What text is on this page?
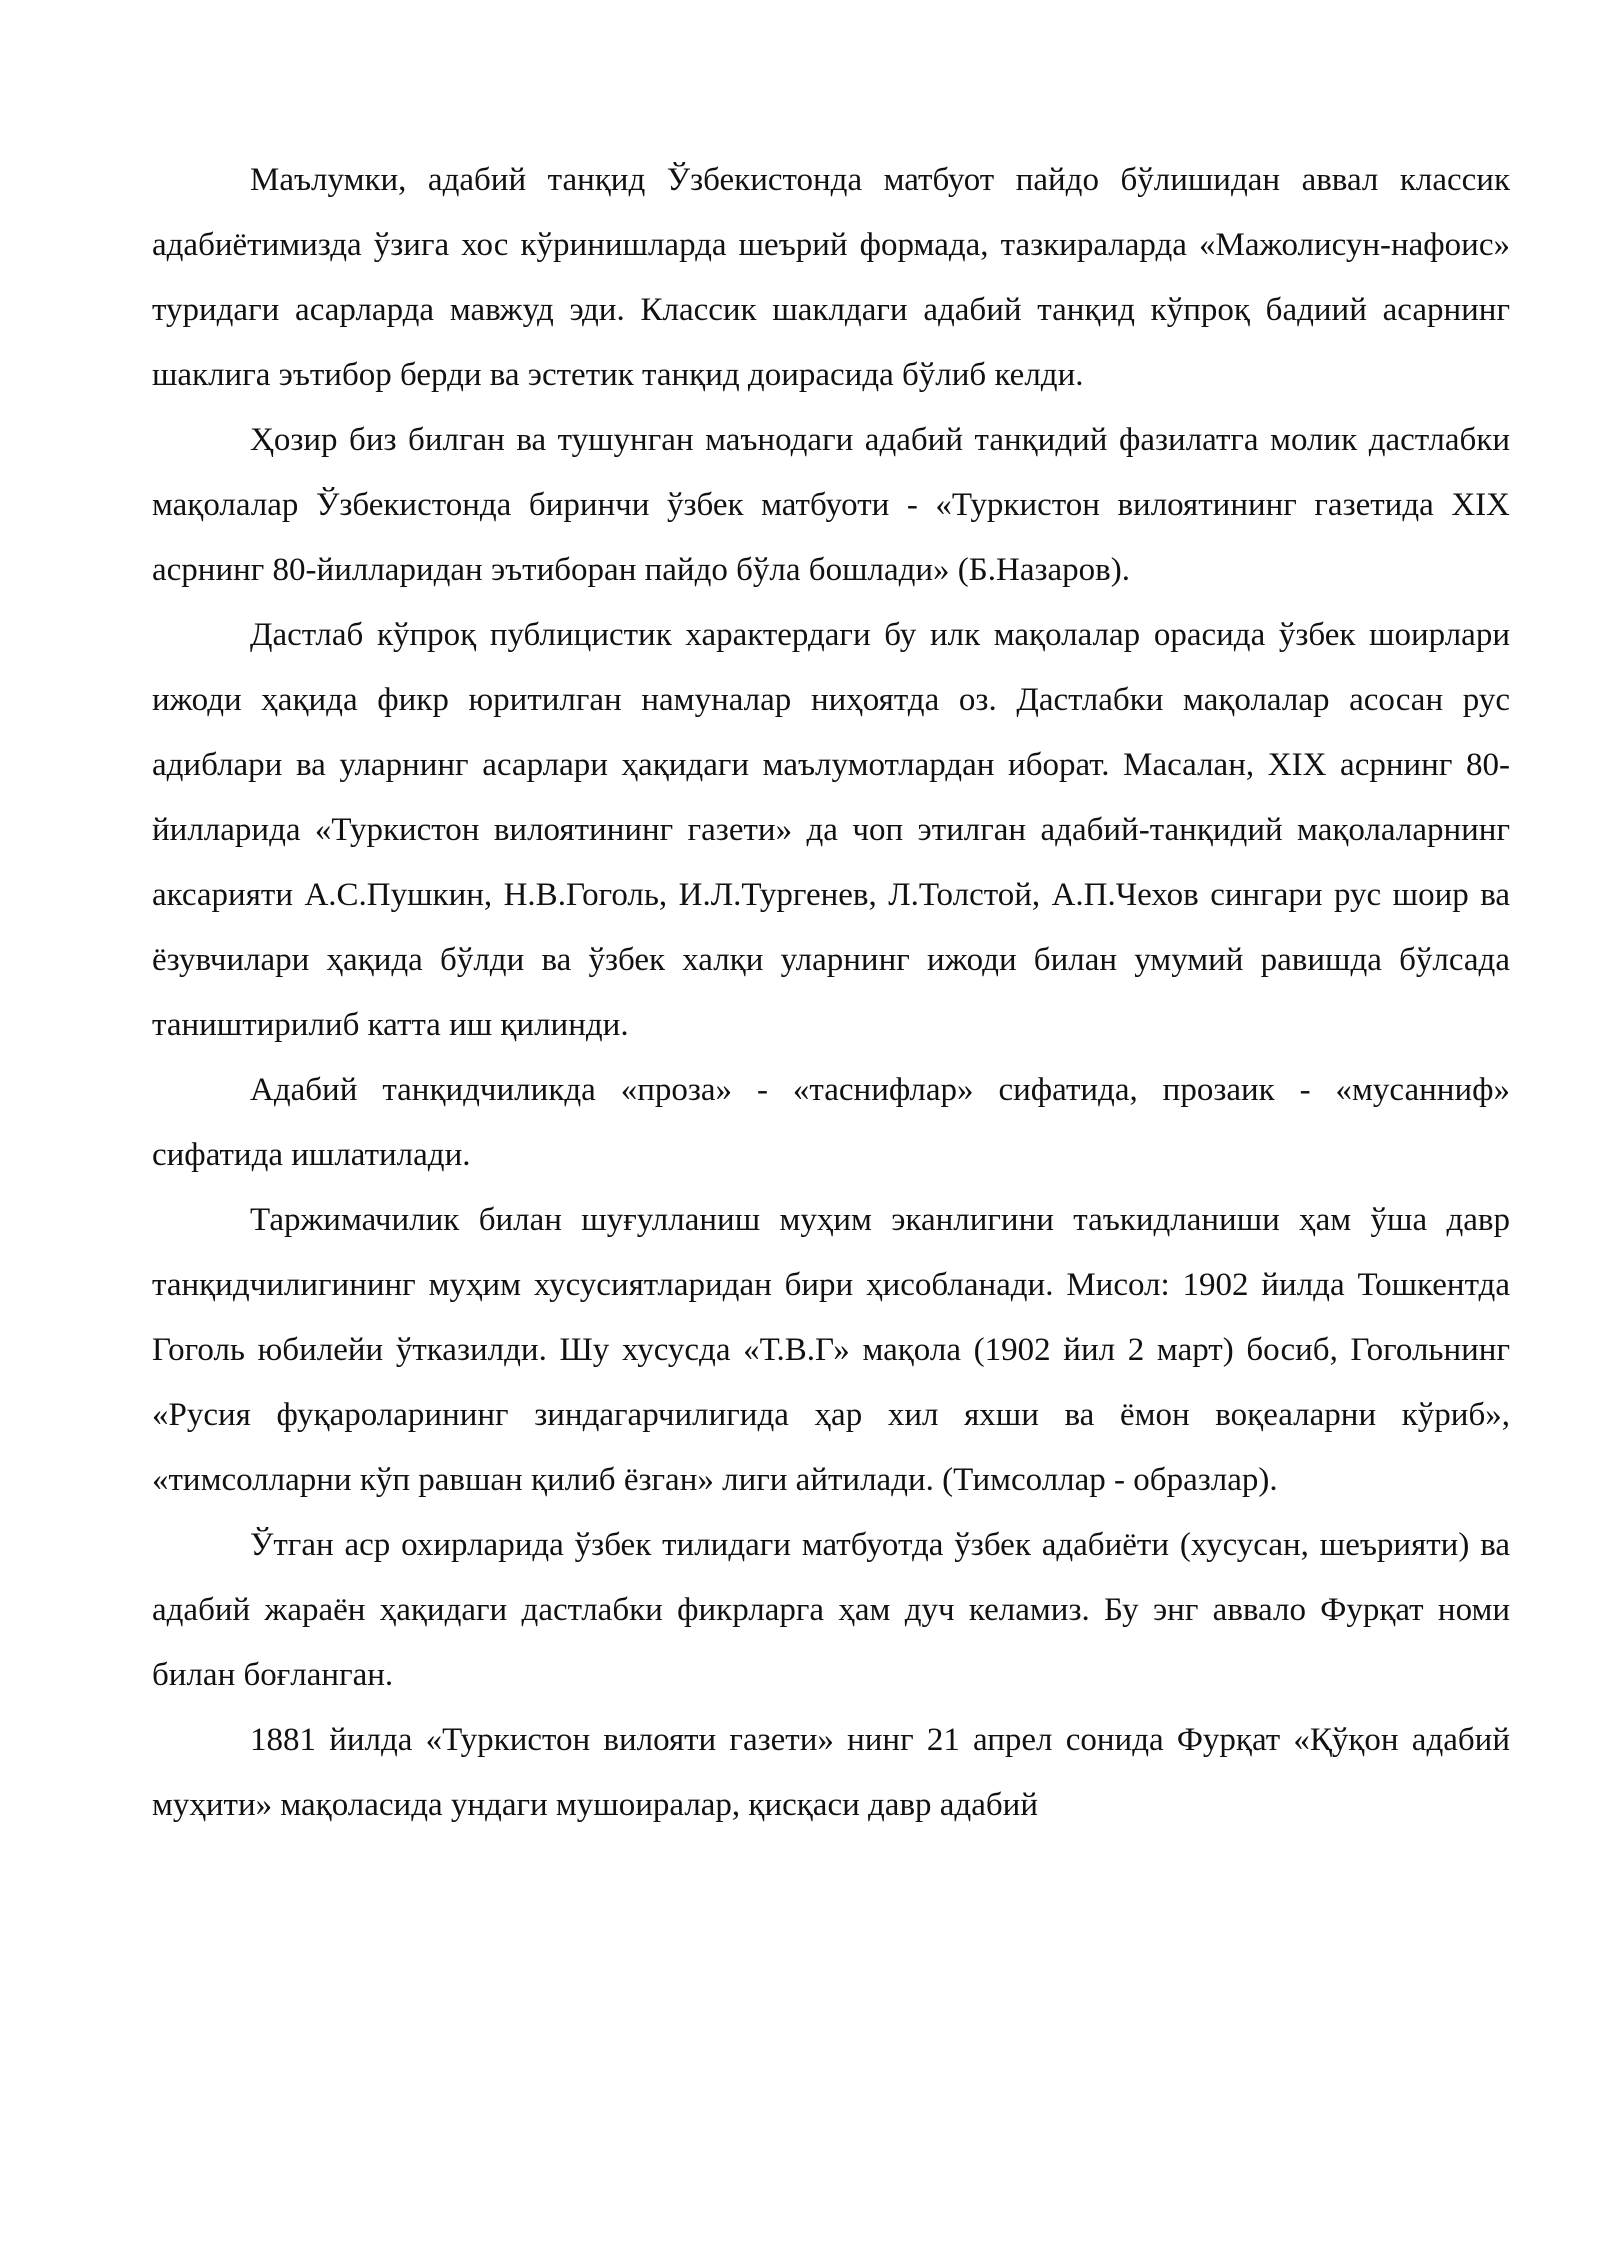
Маълумки, адабий танқид Ўзбекистонда матбуот пайдо бўлишидан аввал классик адабиётимизда ўзига хос кўринишларда шеърий формада, тазкираларда «Мажолисун-нафоис» туридаги асарларда мавжуд эди. Классик шаклдаги адабий танқид кўпроқ бадиий асарнинг шаклига эътибор берди ва эстетик танқид доирасида бўлиб келди.

Ҳозир биз билган ва тушунган маънодаги адабий танқидий фазилатга молик дастлабки мақолалар Ўзбекистонда биринчи ўзбек матбуоти - «Туркистон вилоятининг газетида XIX асрнинг 80-йилларидан эътиборан пайдо бўла бошлади» (Б.Назаров).

Дастлаб кўпроқ публицистик характердаги бу илк мақолалар орасида ўзбек шоирлари ижоди ҳақида фикр юритилган намуналар ниҳоятда оз. Дастлабки мақолалар асосан рус адиблари ва уларнинг асарлари ҳақидаги маълумотлардан иборат. Масалан, XIX асрнинг 80-йилларида «Туркистон вилоятининг газети» да чоп этилган адабий-танқидий мақолаларнинг аксарияти А.С.Пушкин, Н.В.Гоголь, И.Л.Тургенев, Л.Толстой, А.П.Чехов сингари рус шоир ва ёзувчилари ҳақида бўлди ва ўзбек халқи уларнинг ижоди билан умумий равишда бўлсада таништирилиб катта иш қилинди.

Адабий танқидчиликда «проза» - «таснифлар» сифатида, прозаик - «мусанниф» сифатида ишлатилади.

Таржимачилик билан шуғулланиш муҳим эканлигини таъкидланиши ҳам ўша давр танқидчилигининг муҳим хусусиятларидан бири ҳисобланади. Мисол: 1902 йилда Тошкентда Гоголь юбилейи ўтказилди. Шу хусусда «Т.В.Г» мақола (1902 йил 2 март) босиб, Гогольнинг «Русия фуқароларининг зиндагарчилигида ҳар хил яхши ва ёмон воқеаларни кўриб», «тимсолларни кўп равшан қилиб ёзган» лиги айтилади. (Тимсоллар - образлар).

Ўтган аср охирларида ўзбек тилидаги матбуотда ўзбек адабиёти (хусусан, шеърияти) ва адабий жараён ҳақидаги дастлабки фикрларга ҳам дуч келамиз. Бу энг аввало Фурқат номи билан боғланган.

1881 йилда «Туркистон вилояти газети» нинг 21 апрел сонида Фурқат «Қўқон адабий муҳити» мақоласида ундаги мушоиралар, қисқаси давр адабий
